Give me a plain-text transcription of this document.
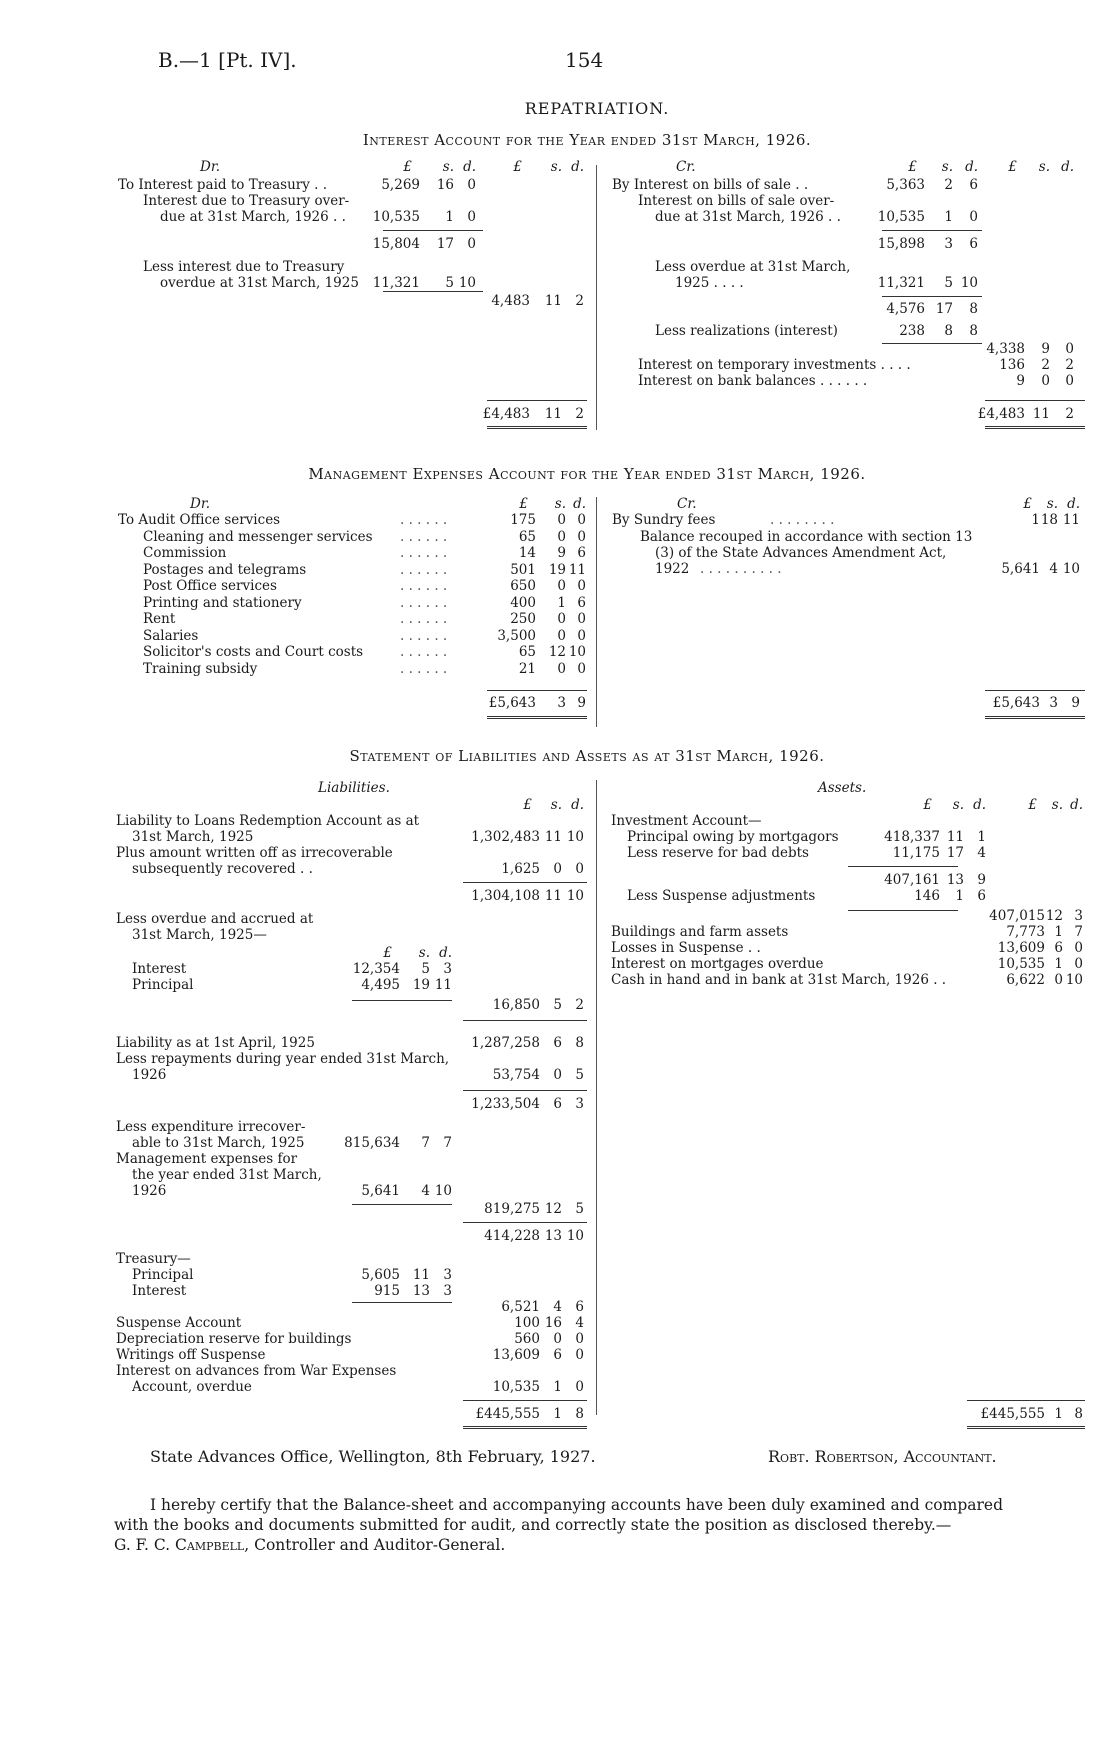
B.—1 [Pt. IV].	154
REPATRIATION.
Interest Account for the Year ended 31st March, 1926.
Dr.	£ s. d.	£ s. d.
To Interest paid to Treasury . .	5,269 16 0
Interest due to Treasury over-
due at 31st March, 1926 . . 10,535 1 0
15,804 17 0
Less interest due to Treasury
overdue at 31st March, 1925 11,321 5 10
4,483 11 2
£4,483 11 2
Cr.	£ s. d. £ s. d.
By Interest on bills of sale . .	5,363 2 6
Interest on bills of sale over-
due at 31st March, 1926 . .	10,535 1 0
15,898 3 6
Less overdue at 31st March,
1925 . . . .	11,321 5 10
4,576 17 8
Less realizations (interest)	238 8 8
4,338 9 0
Interest on temporary investments . . . .	136 2 2
Interest on bank balances . . . . . .	9 0 0
£4,483 11 2
Management Expenses Account for the Year ended 31st March, 1926.
Dr.	£ s. d.
To Audit Office services	175 0 0
Cleaning and messenger services	65 0 0
Commission	14 9 6
Postages and telegrams	501 19 11
Post Office services	650 0 0
Printing and stationery	400 1 6
Rent	250 0 0
Salaries	3,500 0 0
Solicitor's costs and Court costs	65 12 10
Training subsidy	21 0 0
. . . . . .
. . . . . .
. . . . . .
. . . . . .
. . . . . .
. . . . . .
. . . . . .
. . . . . .
. . . . . .
. . . . . .
£5,643 3 9
Cr.	£ s. d.
By Sundry fees	. . . . . . . .	1 18 11
Balance recouped in accordance with section 13
(3) of the State Advances Amendment Act,
1922 . . . . . . . . . .	5,641 4 10
£5,643 3 9
Statement of Liabilities and Assets as at 31st March, 1926.
Liabilities.
£ s. d.
Liability to Loans Redemption Account as at
31st March, 1925	1,302,483 11 10
Plus amount written off as irrecoverable
subsequently recovered . .	1,625 0 0
1,304,108 11 10
Less overdue and accrued at
31st March, 1925—
£ s. d.
Interest	12,354 5 3
Principal	4,495 19 11
16,850 5 2
Liability as at 1st April, 1925	1,287,258 6 8
Less repayments during year ended 31st March,
1926	53,754 0 5
1,233,504 6 3
Less expenditure irrecover-
able to 31st March, 1925	815,634 7 7
Management expenses for
the year ended 31st March,
1926	5,641 4 10
819,275 12 5
414,228 13 10
Treasury—
Principal	5,605 11 3
Interest	915 13 3
6,521 4 6
Suspense Account	100 16 4
Depreciation reserve for buildings	560 0 0
Writings off Suspense	13,609 6 0
Interest on advances from War Expenses
Account, overdue	10,535 1 0
£445,555 1 8
Assets.
£ s. d.	£ s. d.
Investment Account—
Principal owing by mortgagors	418,337 11 1
Less reserve for bad debts	11,175 17 4
407,161 13 9
Less Suspense adjustments	146 1 6
407,015 12 3
Buildings and farm assets	7,773 1 7
Losses in Suspense . .	13,609 6 0
Interest on mortgages overdue	10,535 1 0
Cash in hand and in bank at 31st March, 1926 . .	6,622 0 10
£445,555 1 8
State Advances Office, Wellington, 8th February, 1927.	Robt. Robertson, Accountant.
I hereby certify that the Balance-sheet and accompanying accounts have been duly examined and compared
with the books and documents submitted for audit, and correctly state the position as disclosed thereby.—
G. F. C. Campbell, Controller and Auditor-General.
